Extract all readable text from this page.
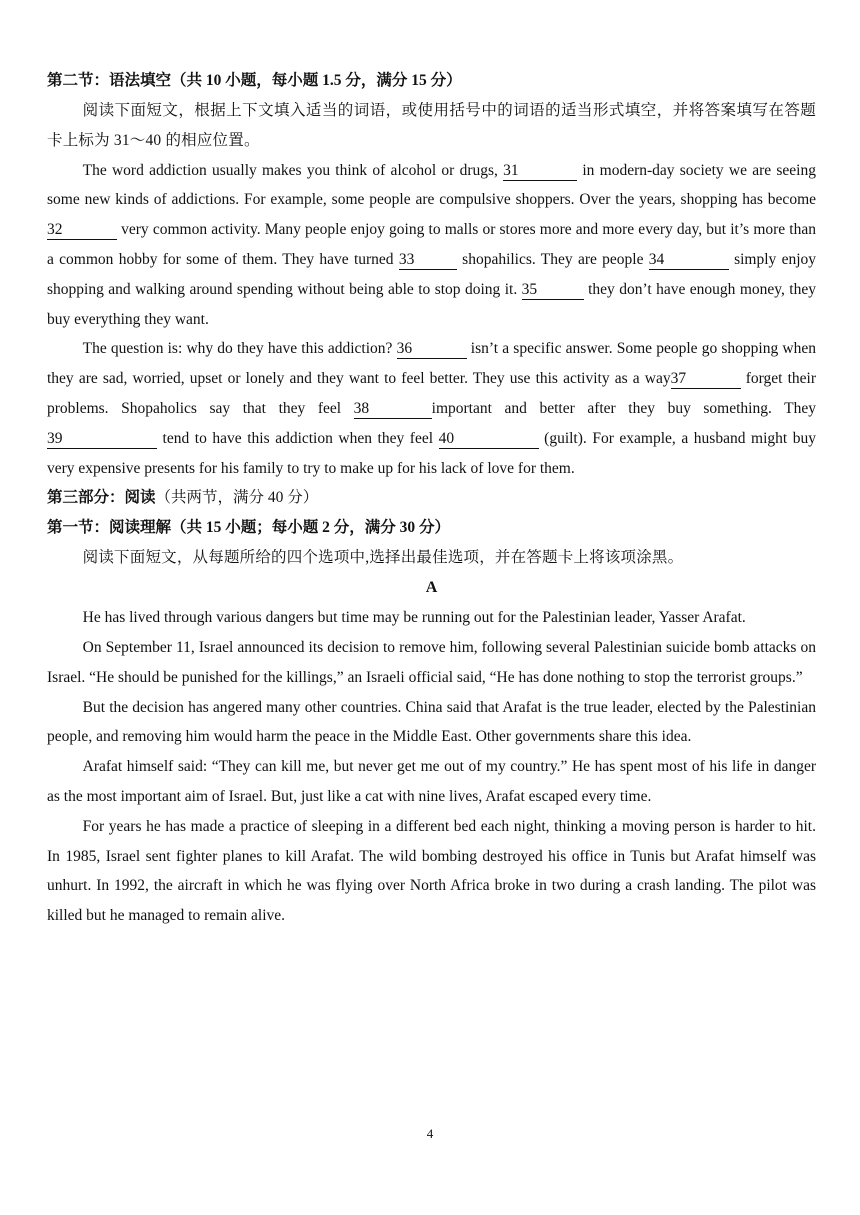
第二节：语法填空（共 10 小题，每小题 1.5 分，满分 15 分）

阅读下面短文，根据上下文填入适当的词语，或使用括号中的词语的适当形式填空，并将答案填写在答题卡上标为 31～40 的相应位置。

The word addiction usually makes you think of alcohol or drugs, 31	in modern-day society we are seeing some new kinds of addictions. For example, some people are compulsive shoppers. Over the years, shopping has become 32	very common activity. Many people enjoy going to malls or stores more and more every day, but it’s more than a common hobby for some of them. They have turned 33	shopahilics. They are people 34	simply enjoy shopping and walking around spending without being able to stop doing it. 35	they don’t have enough money, they buy everything they want.

The question is: why do they have this addiction? 36	isn’t a specific answer. Some people go shopping when they are sad, worried, upset or lonely and they want to feel better. They use this activity as a way37	forget their problems. Shopaholics say that they feel 38	important and better after they buy something. They 39	tend to have this addiction when they feel 40	(guilt). For example, a husband might buy very expensive presents for his family to try to make up for his lack of love for them.

第三部分：阅读（共两节，满分 40 分）

第一节：阅读理解（共 15 小题；每小题 2 分，满分 30 分）

阅读下面短文，从每题所给的四个选项中,选择出最佳选项，并在答题卡上将该项涂黑。

A

He has lived through various dangers but time may be running out for the Palestinian leader, Yasser Arafat.

On September 11, Israel announced its decision to remove him, following several Palestinian suicide bomb attacks on Israel. “He should be punished for the killings,” an Israeli official said, “He has done nothing to stop the terrorist groups.”

But the decision has angered many other countries. China said that Arafat is the true leader, elected by the Palestinian people, and removing him would harm the peace in the Middle East. Other governments share this idea.

Arafat himself said: “They can kill me, but never get me out of my country.” He has spent most of his life in danger as the most important aim of Israel. But, just like a cat with nine lives, Arafat escaped every time.

For years he has made a practice of sleeping in a different bed each night, thinking a moving person is harder to hit. In 1985, Israel sent fighter planes to kill Arafat. The wild bombing destroyed his office in Tunis but Arafat himself was unhurt. In 1992, the aircraft in which he was flying over North Africa broke in two during a crash landing. The pilot was killed but he managed to remain alive.

4
